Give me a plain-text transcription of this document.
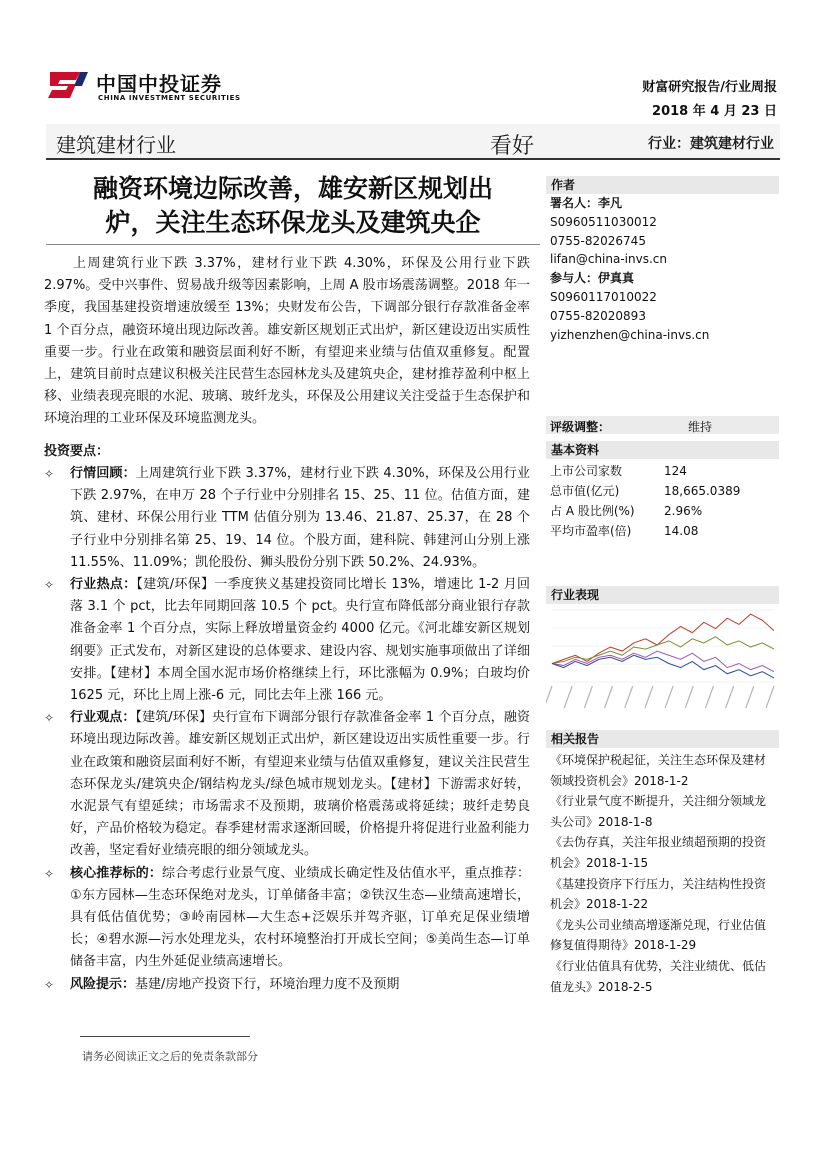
中国中投证券
CHINA INVESTMENT SECURITIES
财富研究报告/行业周报
2018 年 4 月 23 日
建筑建材行业	看好	行业：建筑建材行业
融资环境边际改善，雄安新区规划出
炉，关注生态环保龙头及建筑央企
上周建筑行业下跌 3.37%，建材行业下跌 4.30%，环保及公用行业下跌 2.97%。受中兴事件、贸易战升级等因素影响，上周 A 股市场震荡调整。2018 年一季度，我国基建投资增速放缓至 13%；央财发布公告，下调部分银行存款准备金率 1 个百分点，融资环境出现边际改善。雄安新区规划正式出炉，新区建设迈出实质性重要一步。行业在政策和融资层面利好不断，有望迎来业绩与估值双重修复。配置上，建筑目前时点建议积极关注民营生态园林龙头及建筑央企，建材推荐盈利中枢上移、业绩表现亮眼的水泥、玻璃、玻纤龙头，环保及公用建议关注受益于生态保护和环境治理的工业环保及环境监测龙头。
投资要点：
✧ 行情回顾：上周建筑行业下跌 3.37%，建材行业下跌 4.30%，环保及公用行业下跌 2.97%，在申万 28 个子行业中分别排名 15、25、11 位。估值方面，建筑、建材、环保公用行业 TTM 估值分别为 13.46、21.87、25.37，在 28 个子行业中分别排名第 25、19、14 位。个股方面，建科院、韩建河山分别上涨 11.55%、11.09%；凯伦股份、狮头股份分别下跌 50.2%、24.93%。
✧ 行业热点：【建筑/环保】一季度狭义基建投资同比增长 13%，增速比 1-2 月回落 3.1 个 pct，比去年同期回落 10.5 个 pct。央行宣布降低部分商业银行存款准备金率 1 个百分点，实际上释放增量资金约 4000 亿元。《河北雄安新区规划纲要》正式发布，对新区建设的总体要求、建设内容、规划实施事项做出了详细安排。【建材】本周全国水泥市场价格继续上行，环比涨幅为 0.9%；白玻均价 1625 元，环比上周上涨-6 元，同比去年上涨 166 元。
✧ 行业观点：【建筑/环保】央行宣布下调部分银行存款准备金率 1 个百分点，融资环境出现边际改善。雄安新区规划正式出炉，新区建设迈出实质性重要一步。行业在政策和融资层面利好不断，有望迎来业绩与估值双重修复，建议关注民营生态环保龙头/建筑央企/钢结构龙头/绿色城市规划龙头。【建材】下游需求好转，水泥景气有望延续；市场需求不及预期，玻璃价格震荡或将延续；玻纤走势良好，产品价格较为稳定。春季建材需求逐渐回暖，价格提升将促进行业盈利能力改善，坚定看好业绩亮眼的细分领域龙头。
✧ 核心推荐标的：综合考虑行业景气度、业绩成长确定性及估值水平，重点推荐：①东方园林—生态环保绝对龙头，订单储备丰富；②铁汉生态—业绩高速增长，具有低估值优势；③岭南园林—大生态+泛娱乐并驾齐驱，订单充足保业绩增长；④碧水源—污水处理龙头，农村环境整治打开成长空间；⑤美尚生态—订单储备丰富，内生外延促业绩高速增长。
✧ 风险提示：基建/房地产投资下行，环境治理力度不及预期
作者
署名人：李凡
S0960511030012
0755-82026745
lifan@china-invs.cn
参与人：伊真真
S0960117010022
0755-82020893
yizhenzhen@china-invs.cn
评级调整：	维持
基本资料
上市公司家数	124
总市值(亿元)	18,665.0389
占 A 股比例(%) 2.96%
平均市盈率(倍)	14.08
行业表现
相关报告
《环境保护税起征，关注生态环保及建材领域投资机会》2018-1-2
《行业景气度不断提升，关注细分领域龙头公司》2018-1-8
《去伪存真，关注年报业绩超预期的投资机会》2018-1-15
《基建投资序下行压力，关注结构性投资机会》2018-1-22
《龙头公司业绩高增逐渐兑现，行业估值修复值得期待》2018-1-29
《行业估值具有优势，关注业绩优、低估值龙头》2018-2-5
请务必阅读正文之后的免责条款部分
